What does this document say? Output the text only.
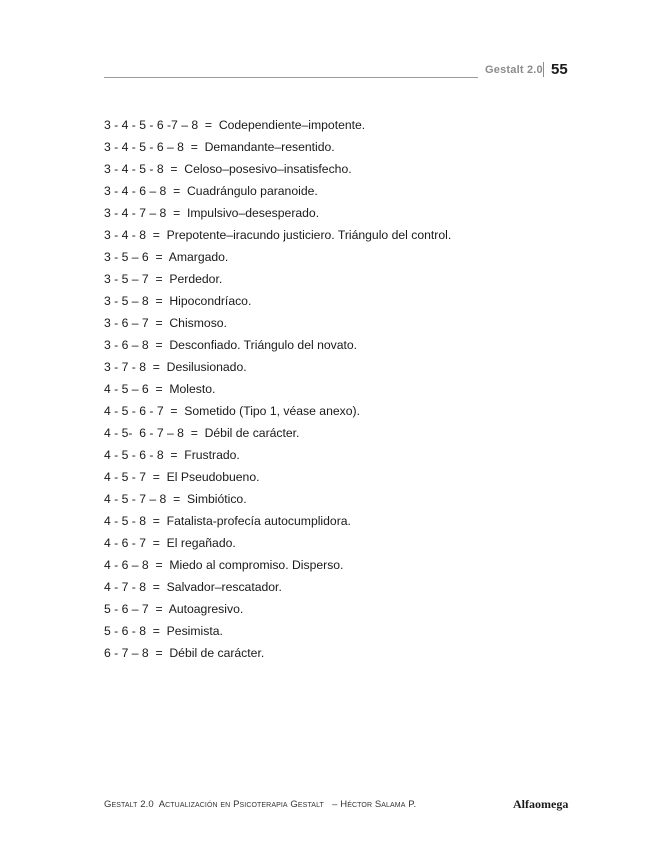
Gestalt 2.0 55
3 - 4 - 5 - 6 -7 – 8  =  Codependiente–impotente.
3 - 4 - 5 - 6 – 8  =  Demandante–resentido.
3 - 4 - 5 - 8  =  Celoso–posesivo–insatisfecho.
3 - 4 - 6 – 8  =  Cuadrángulo paranoide.
3 - 4 - 7 – 8  =  Impulsivo–desesperado.
3 - 4 - 8  =  Prepotente–iracundo justiciero. Triángulo del control.
3 - 5 – 6  =  Amargado.
3 - 5 – 7  =  Perdedor.
3 - 5 – 8  =  Hipocondríaco.
3 - 6 – 7  =  Chismoso.
3 - 6 – 8  =  Desconfiado. Triángulo del novato.
3 - 7 - 8  =  Desilusionado.
4 - 5 – 6  =  Molesto.
4 - 5 - 6 - 7  =  Sometido (Tipo 1, véase anexo).
4 - 5-  6 - 7 – 8  =  Débil de carácter.
4 - 5 - 6 - 8  =  Frustrado.
4 - 5 - 7  =  El Pseudobueno.
4 - 5 - 7 – 8  =  Simbiótico.
4 - 5 - 8  =  Fatalista-profecía autocumplidora.
4 - 6 - 7  =  El regañado.
4 - 6 – 8  =  Miedo al compromiso. Disperso.
4 - 7 - 8  =  Salvador–rescatador.
5 - 6 – 7  =  Autoagresivo.
5 - 6 - 8  =  Pesimista.
6 - 7 – 8  =  Débil de carácter.
Gestalt 2.0  Actualización en Psicoterapia Gestalt   – Héctor Salama P.	Alfaomega
